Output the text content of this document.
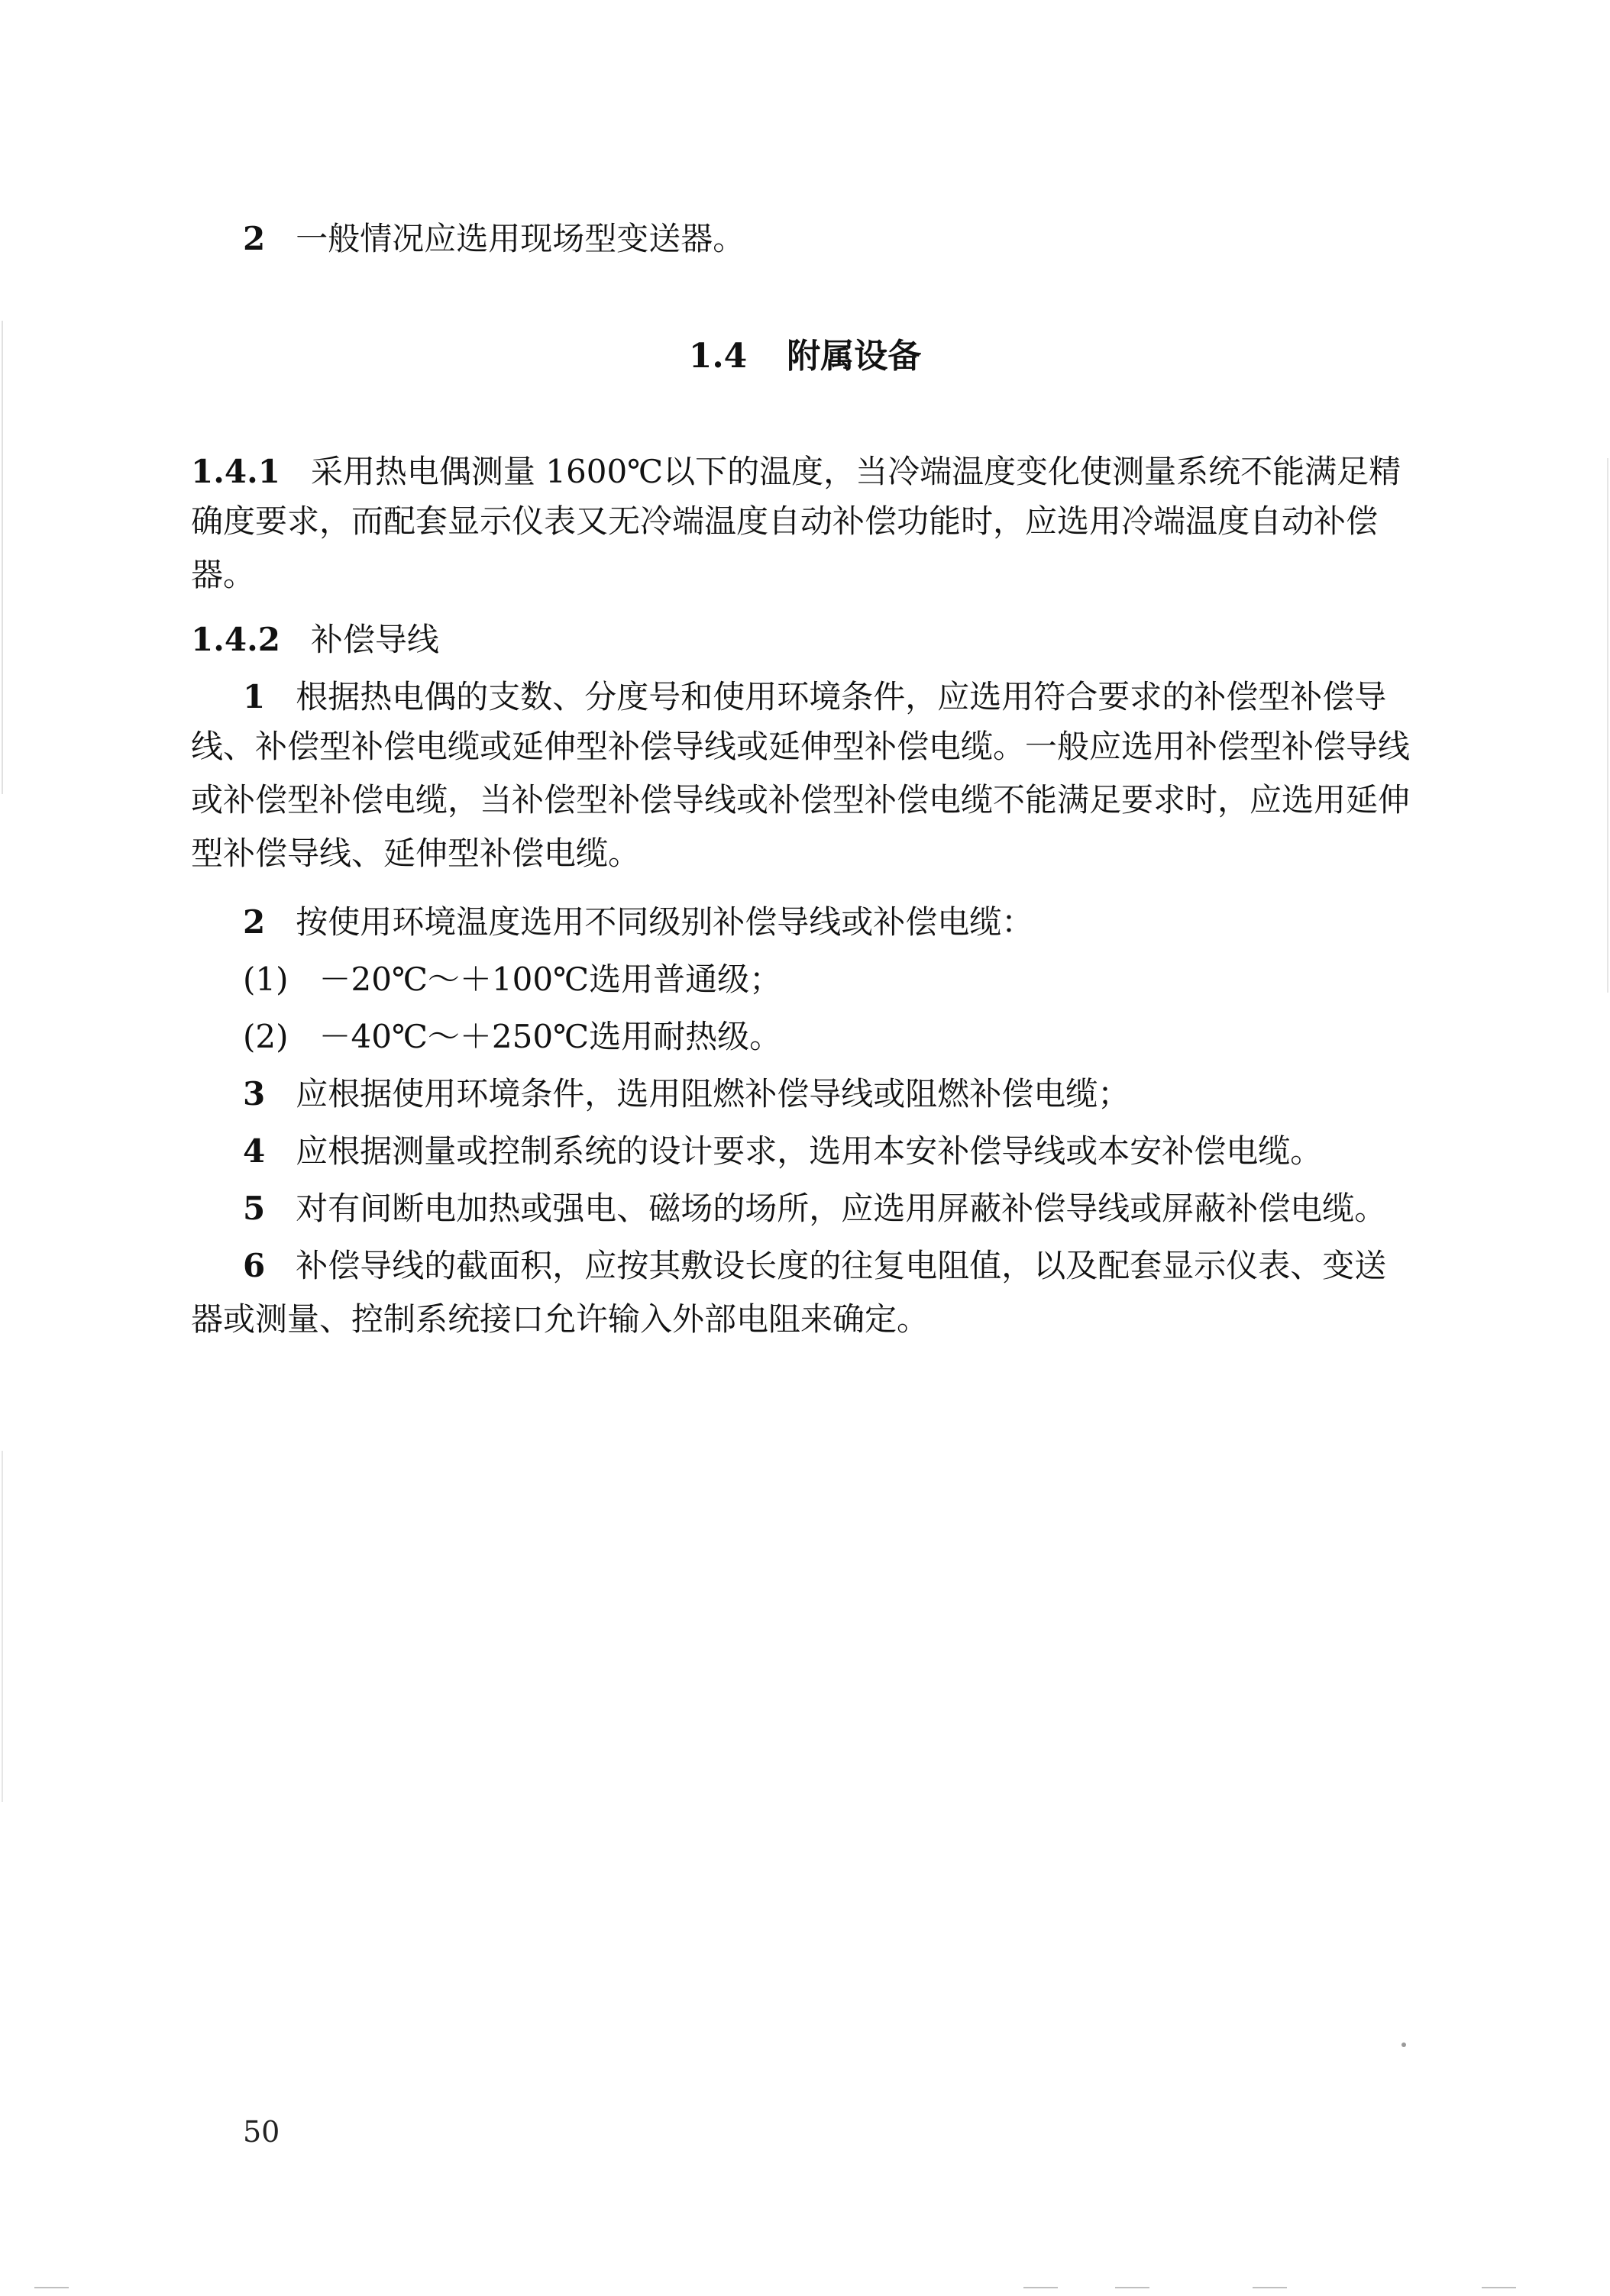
2 一般情况应选用现场型变送器。
1.4 附属设备
1.4.1 采用热电偶测量 1600℃以下的温度，当冷端温度变化使测量系统不能满足精
确度要求，而配套显示仪表又无冷端温度自动补偿功能时，应选用冷端温度自动补偿
器。
1.4.2 补偿导线
1 根据热电偶的支数、分度号和使用环境条件，应选用符合要求的补偿型补偿导
线、补偿型补偿电缆或延伸型补偿导线或延伸型补偿电缆。一般应选用补偿型补偿导线
或补偿型补偿电缆，当补偿型补偿导线或补偿型补偿电缆不能满足要求时，应选用延伸
型补偿导线、延伸型补偿电缆。
2 按使用环境温度选用不同级别补偿导线或补偿电缆：
(1) －20℃～＋100℃选用普通级；
(2) －40℃～＋250℃选用耐热级。
3 应根据使用环境条件，选用阻燃补偿导线或阻燃补偿电缆；
4 应根据测量或控制系统的设计要求，选用本安补偿导线或本安补偿电缆。
5 对有间断电加热或强电、磁场的场所，应选用屏蔽补偿导线或屏蔽补偿电缆。
6 补偿导线的截面积，应按其敷设长度的往复电阻值，以及配套显示仪表、变送
器或测量、控制系统接口允许输入外部电阻来确定。
50
